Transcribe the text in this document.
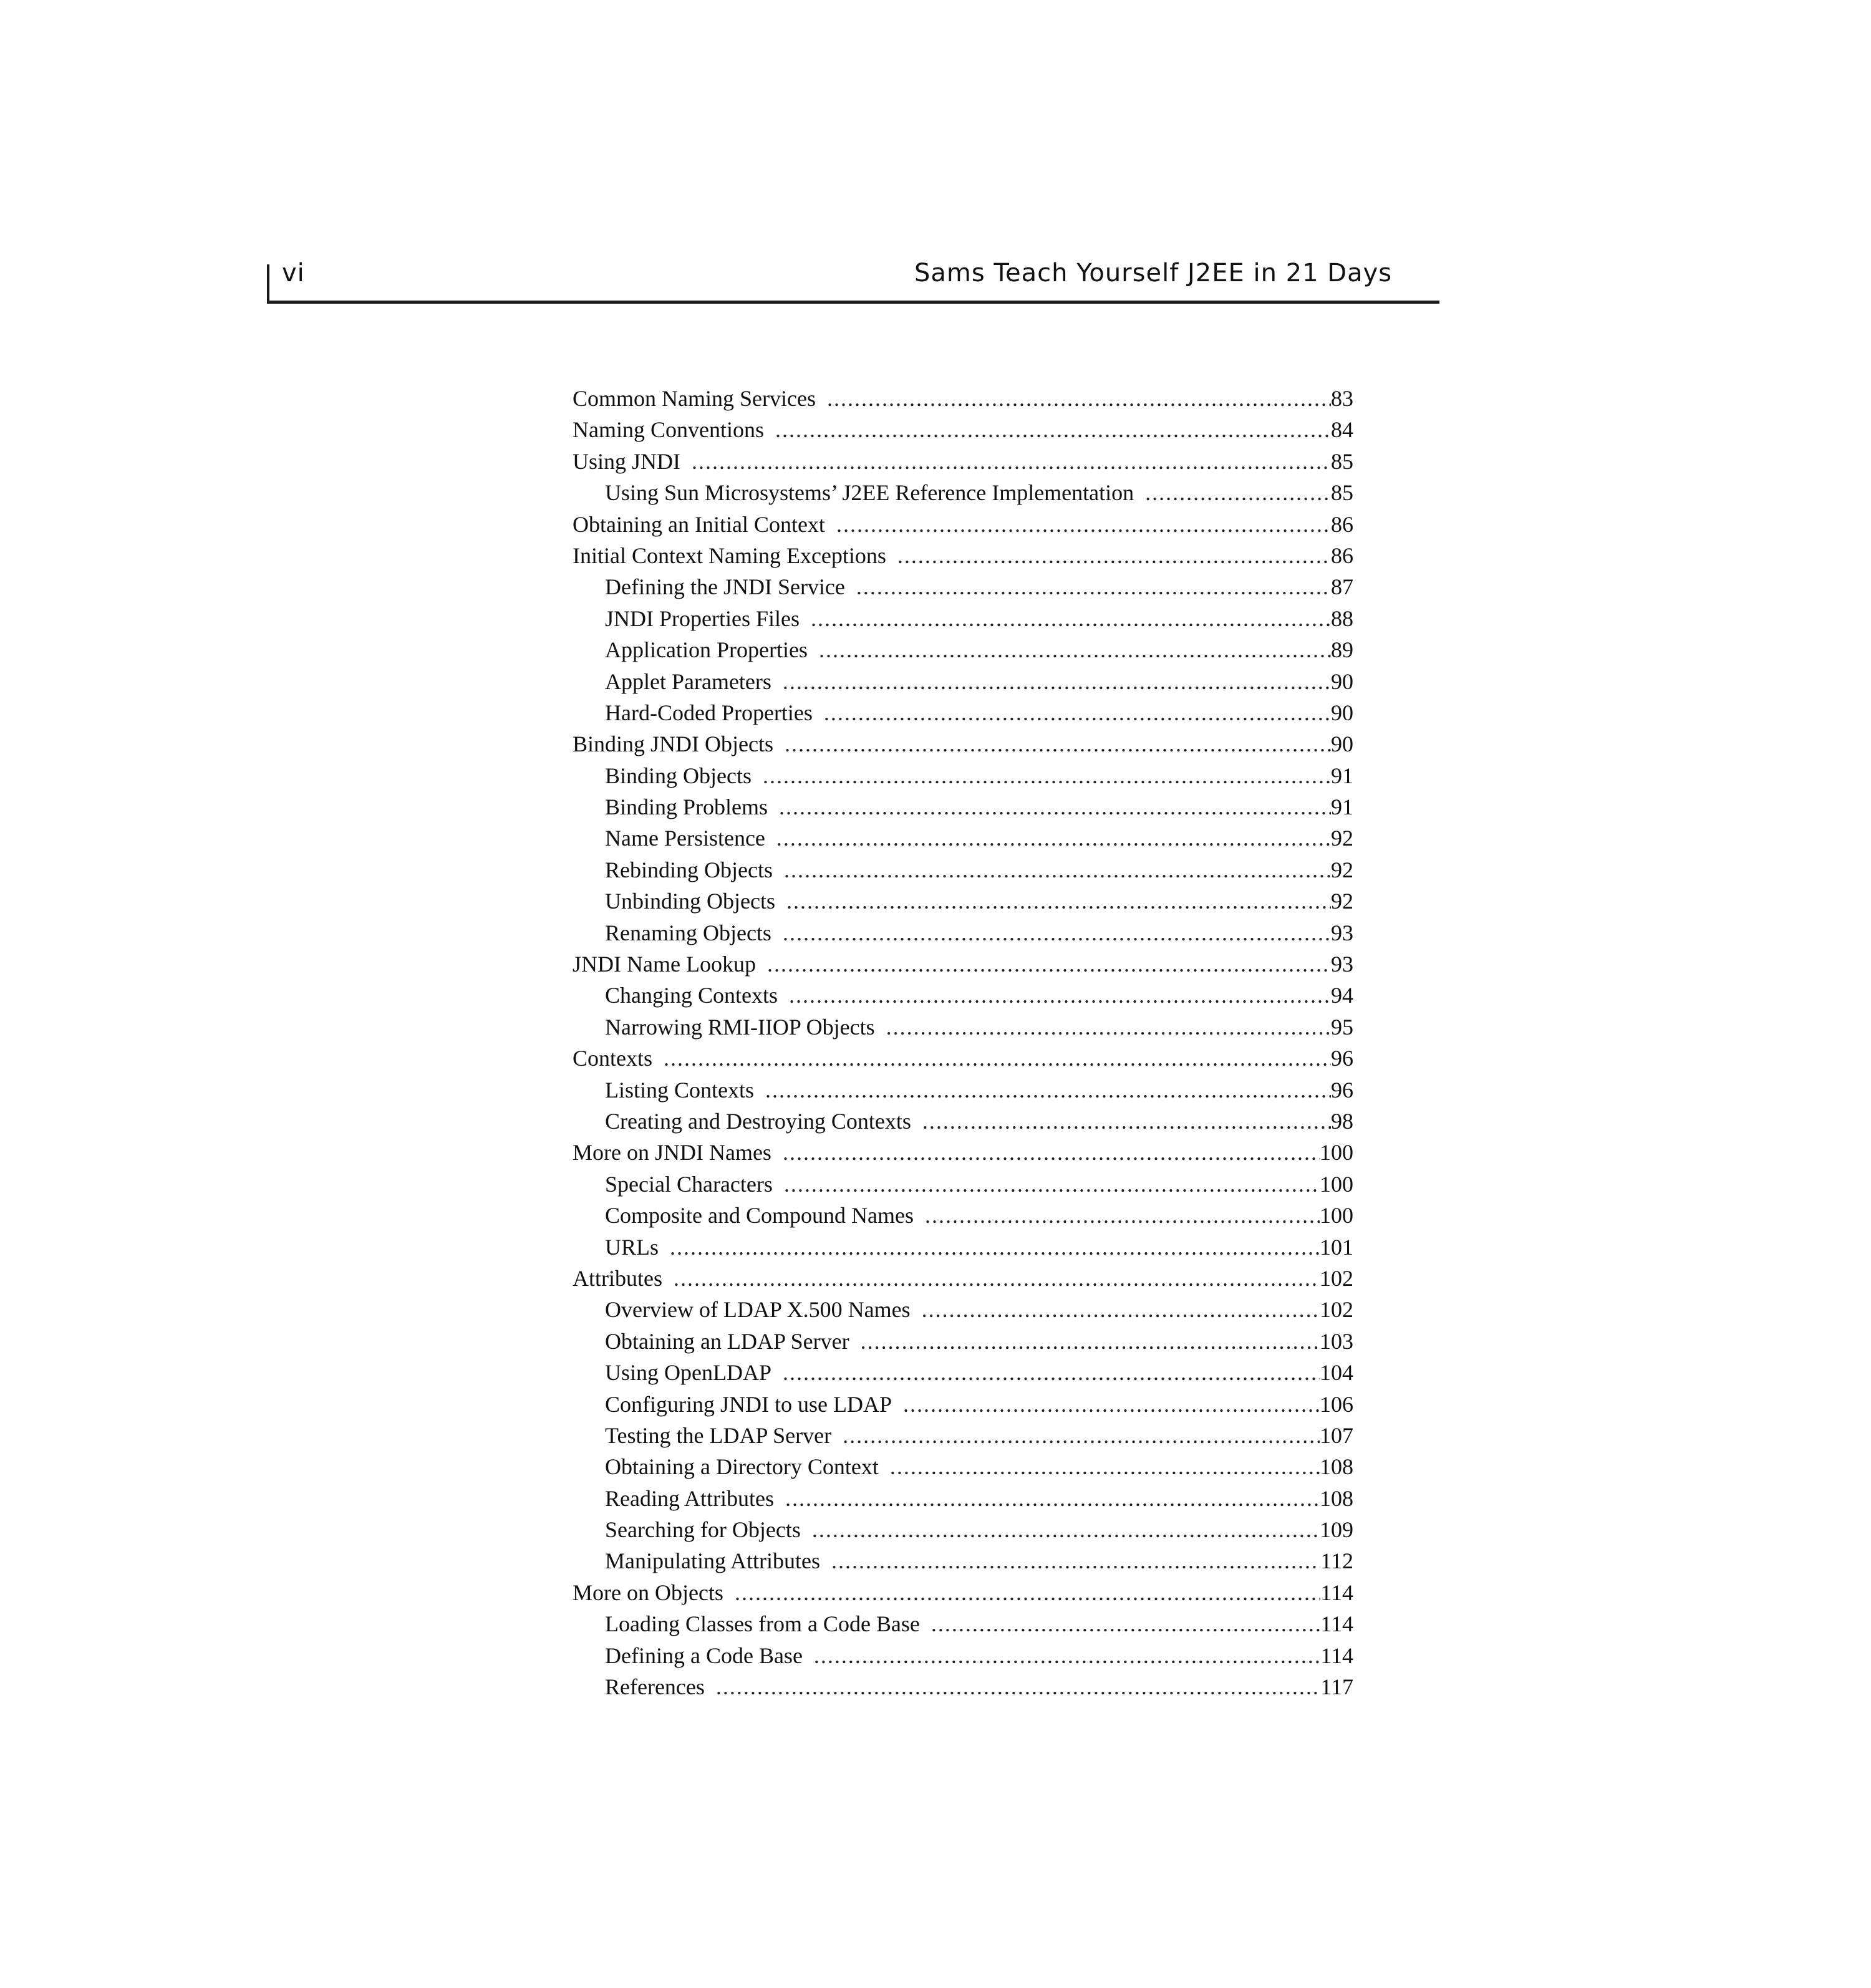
vi	Sams Teach Yourself J2EE in 21 Days
Common Naming Services .....	83
Naming Conventions .....	84
Using JNDI .....	85
Using Sun Microsystems’ J2EE Reference Implementation .....	85
Obtaining an Initial Context .....	86
Initial Context Naming Exceptions .....	86
Defining the JNDI Service .....	87
JNDI Properties Files .....	88
Application Properties .....	89
Applet Parameters .....	90
Hard-Coded Properties .....	90
Binding JNDI Objects .....	90
Binding Objects .....	91
Binding Problems .....	91
Name Persistence .....	92
Rebinding Objects .....	92
Unbinding Objects .....	92
Renaming Objects .....	93
JNDI Name Lookup .....	93
Changing Contexts .....	94
Narrowing RMI-IIOP Objects .....	95
Contexts .....	96
Listing Contexts .....	96
Creating and Destroying Contexts .....	98
More on JNDI Names .....	100
Special Characters .....	100
Composite and Compound Names .....	100
URLs .....	101
Attributes .....	102
Overview of LDAP X.500 Names .....	102
Obtaining an LDAP Server .....	103
Using OpenLDAP .....	104
Configuring JNDI to use LDAP .....	106
Testing the LDAP Server .....	107
Obtaining a Directory Context .....	108
Reading Attributes .....	108
Searching for Objects .....	109
Manipulating Attributes .....	112
More on Objects .....	114
Loading Classes from a Code Base .....	114
Defining a Code Base .....	114
References .....	117
